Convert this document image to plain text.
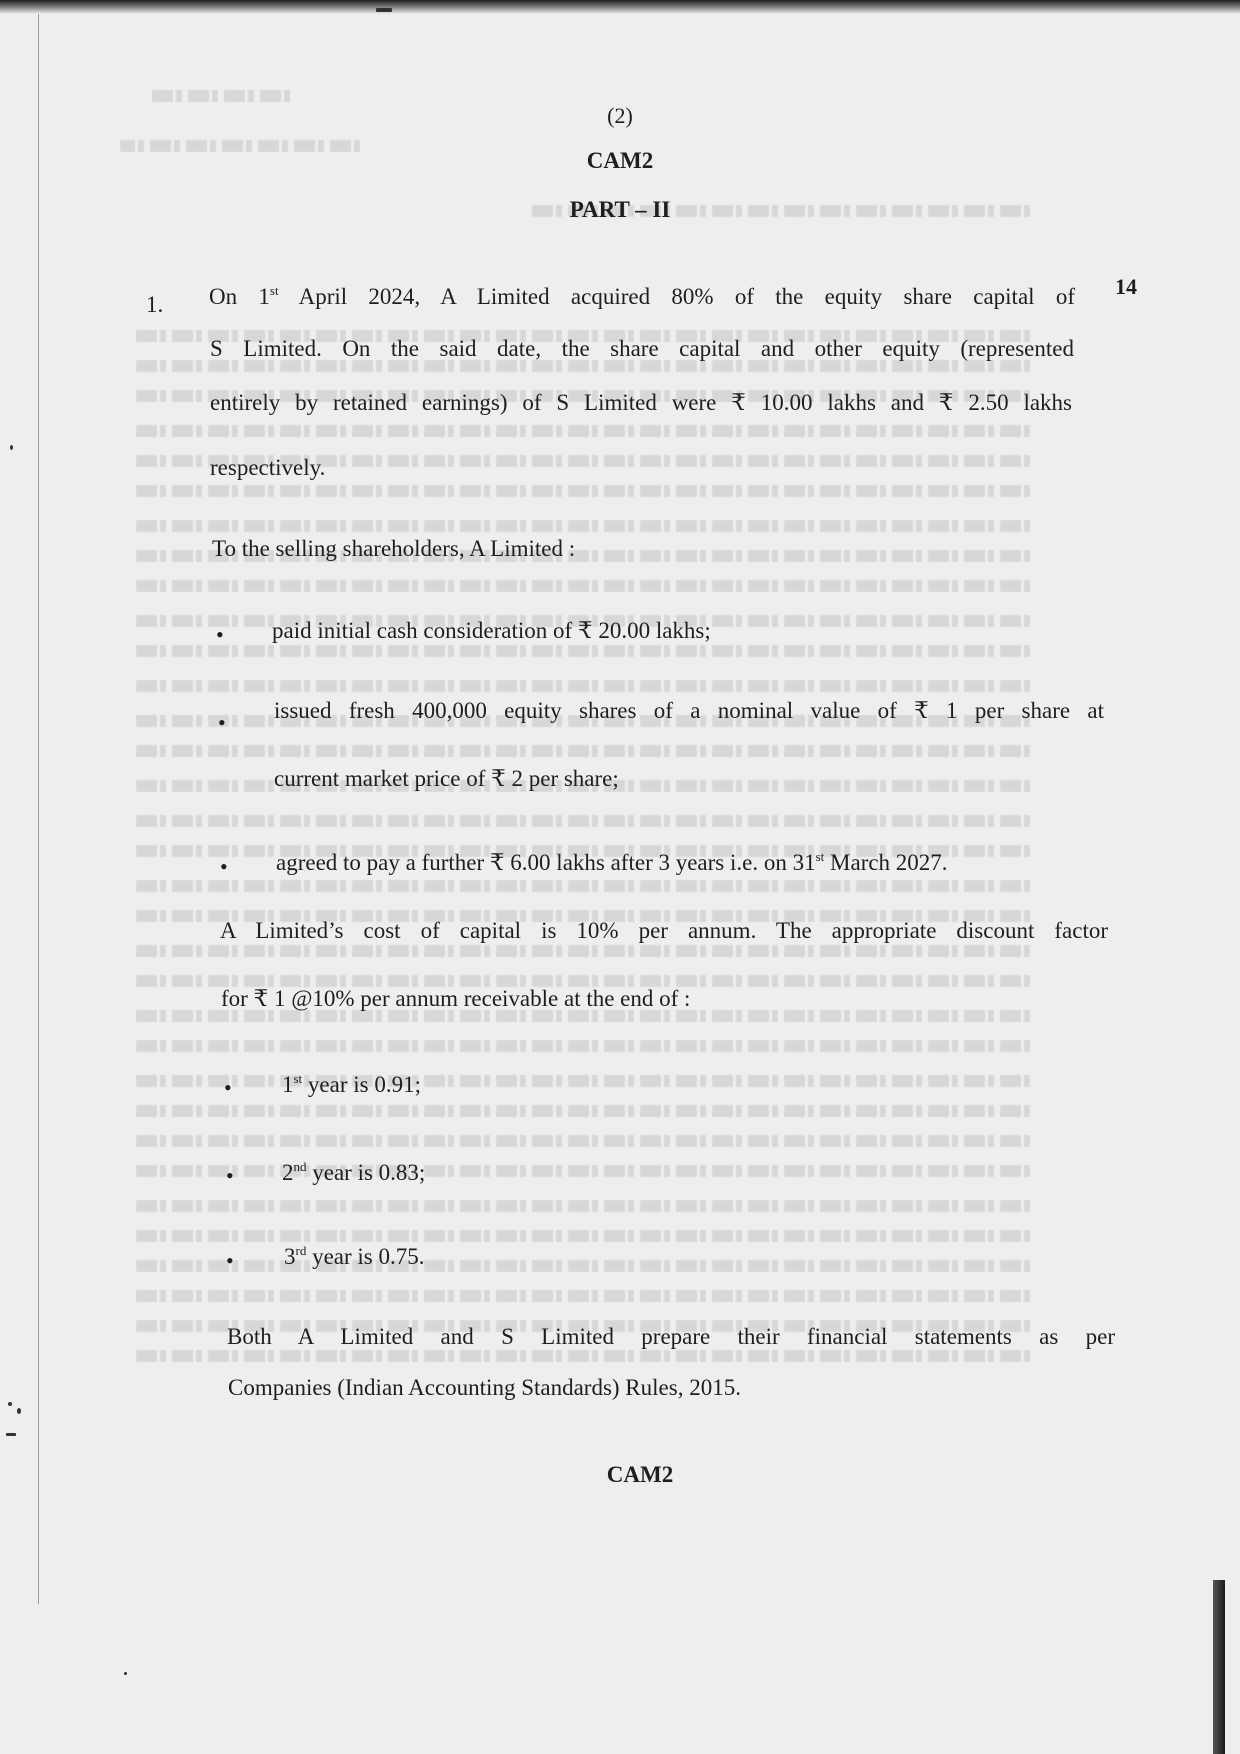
(2)
CAM2
PART – II
1.
14
On 1st April 2024, A Limited acquired 80% of the equity share capital of
S Limited. On the said date, the share capital and other equity (represented
entirely by retained earnings) of S Limited were ₹ 10.00 lakhs and ₹ 2.50 lakhs
respectively.
To the selling shareholders, A Limited :
• paid initial cash consideration of ₹ 20.00 lakhs;
• issued fresh 400,000 equity shares of a nominal value of ₹ 1 per share at
current market price of ₹ 2 per share;
• agreed to pay a further ₹ 6.00 lakhs after 3 years i.e. on 31st March 2027.
A Limited’s cost of capital is 10% per annum. The appropriate discount factor
for ₹ 1 @10% per annum receivable at the end of :
• 1st year is 0.91;
• 2nd year is 0.83;
• 3rd year is 0.75.
Both A Limited and S Limited prepare their financial statements as per
Companies (Indian Accounting Standards) Rules, 2015.
CAM2
